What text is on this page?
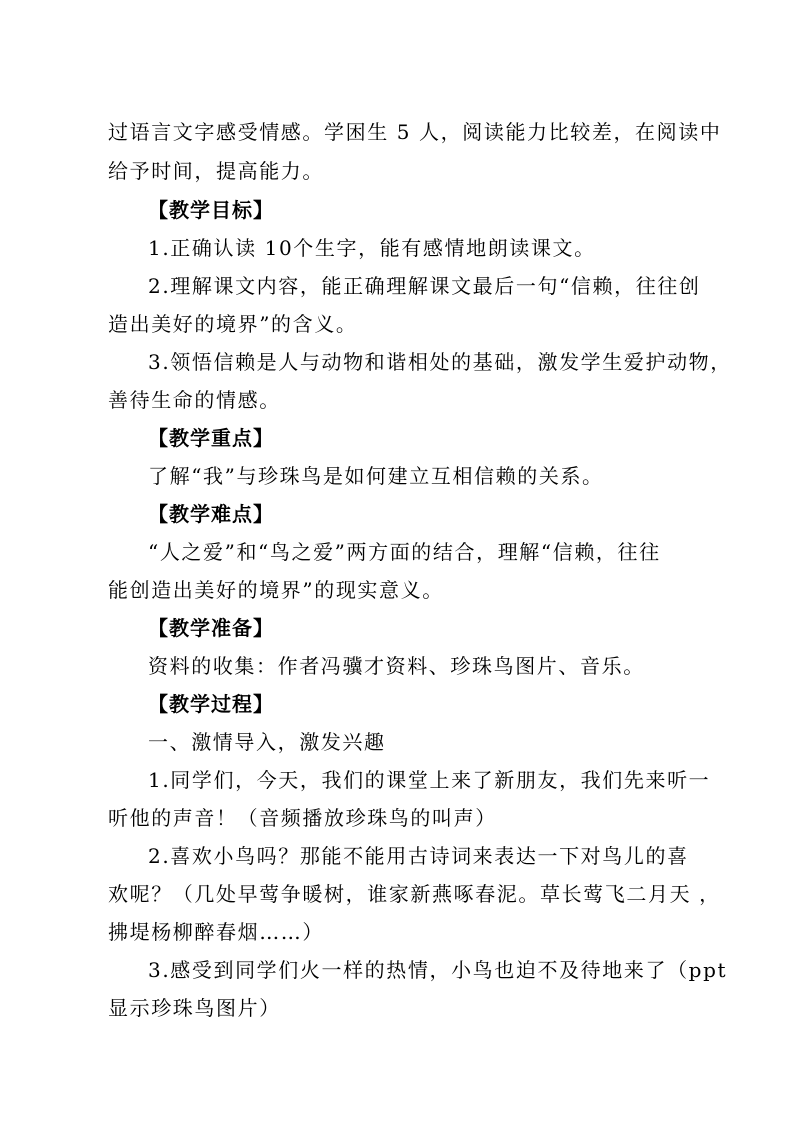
过语言文字感受情感。学困生 5 人，阅读能力比较差，在阅读中
给予时间，提高能力。
【教学目标】
1.正确认读 10个生字，能有感情地朗读课文。
2.理解课文内容，能正确理解课文最后一句“信赖，往往创
造出美好的境界”的含义。
3.领悟信赖是人与动物和谐相处的基础，激发学生爱护动物，
善待生命的情感。
【教学重点】
了解“我”与珍珠鸟是如何建立互相信赖的关系。
【教学难点】
“人之爱”和“鸟之爱”两方面的结合，理解“信赖，往往
能创造出美好的境界”的现实意义。
【教学准备】
资料的收集：作者冯骥才资料、珍珠鸟图片、音乐。
【教学过程】
一、激情导入，激发兴趣
1.同学们，今天，我们的课堂上来了新朋友，我们先来听一
听他的声音！（音频播放珍珠鸟的叫声）
2.喜欢小鸟吗？那能不能用古诗词来表达一下对鸟儿的喜
欢呢？（几处早莺争暖树，谁家新燕啄春泥。草长莺飞二月天 ，
拂堤杨柳醉春烟……）
3.感受到同学们火一样的热情，小鸟也迫不及待地来了（ppt
显示珍珠鸟图片）
